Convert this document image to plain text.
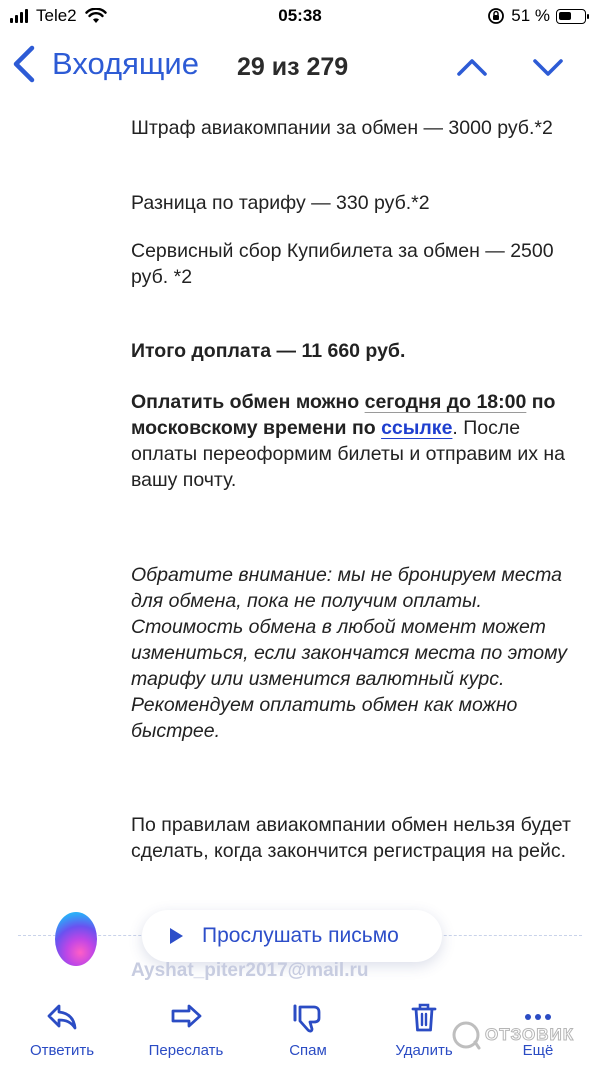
Tele2	05:38	51 %
Входящие 29 из 279

Штраф авиакомпании за обмен — 3000 руб.*2

Разница по тарифу — 330 руб.*2

Сервисный сбор Купибилета за обмен — 2500 руб. *2

Итого доплата — 11 660 руб.

Оплатить обмен можно сегодня до 18:00 по московскому времени по ссылке. После оплаты переоформим билеты и отправим их на вашу почту.

Обратите внимание: мы не бронируем места для обмена, пока не получим оплаты. Стоимость обмена в любой момент может измениться, если закончатся места по этому тарифу или изменится валютный курс. Рекомендуем оплатить обмен как можно быстрее.

По правилам авиакомпании обмен нельзя будет сделать, когда закончится регистрация на рейс.

Прослушать письмо
Ayshat_piter2017@mail.ru
Ответить	Переслать	Спам	Удалить	Ещё
ОТЗОВИК
